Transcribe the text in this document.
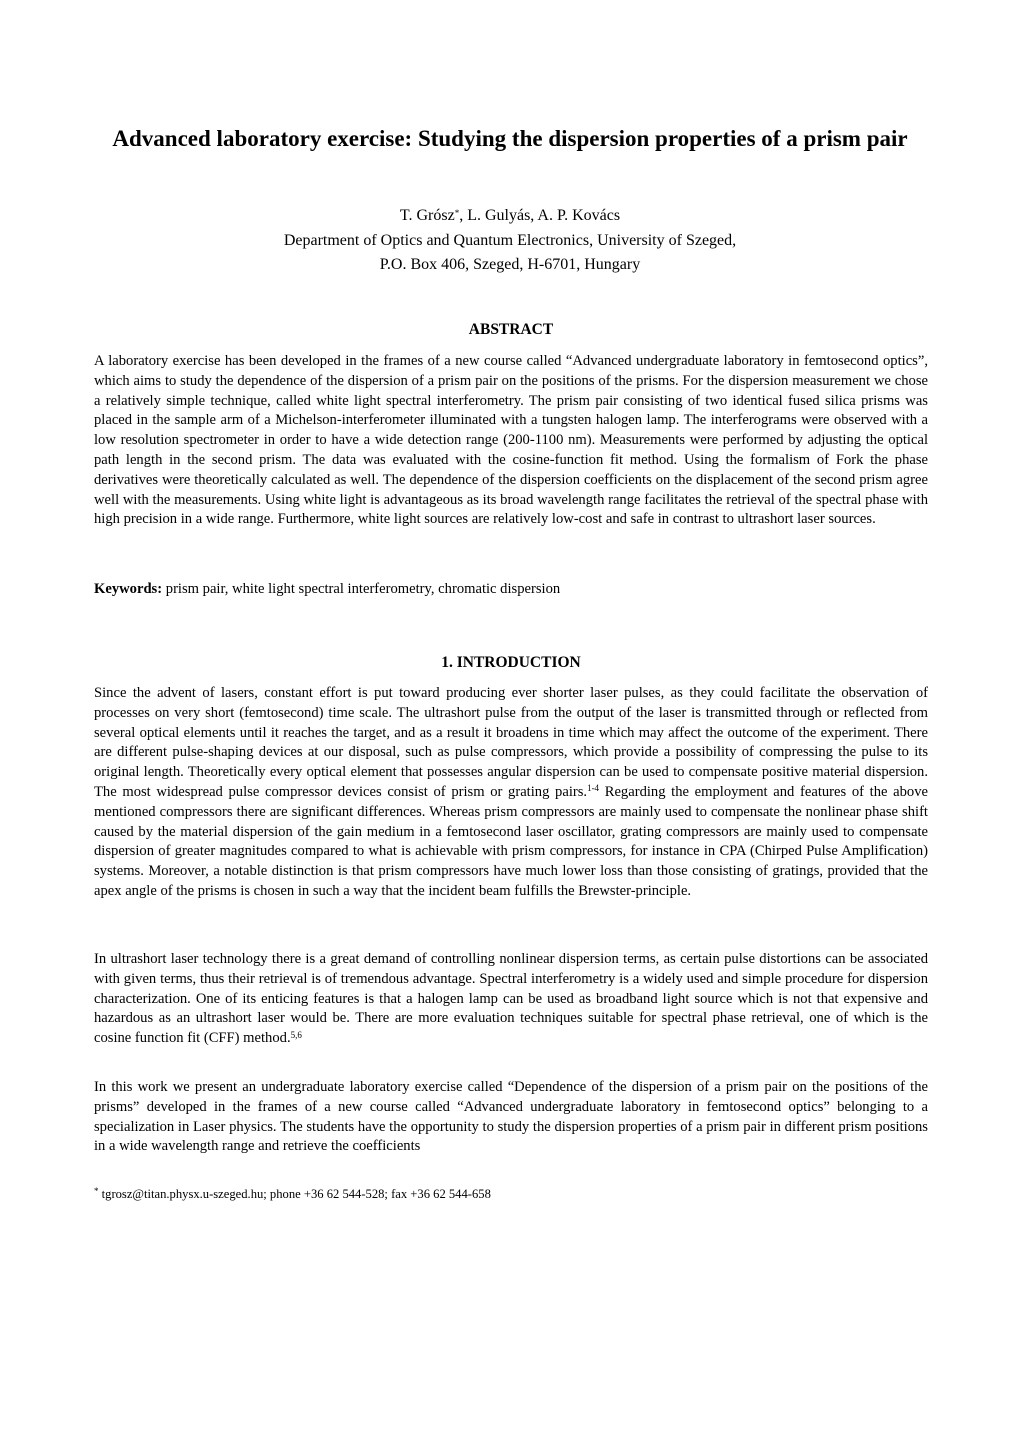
Advanced laboratory exercise: Studying the dispersion properties of a prism pair
T. Grósz*, L. Gulyás, A. P. Kovács
Department of Optics and Quantum Electronics, University of Szeged,
P.O. Box 406, Szeged, H-6701, Hungary
ABSTRACT

A laboratory exercise has been developed in the frames of a new course called “Advanced undergraduate laboratory in femtosecond optics”, which aims to study the dependence of the dispersion of a prism pair on the positions of the prisms. For the dispersion measurement we chose a relatively simple technique, called white light spectral interferometry. The prism pair consisting of two identical fused silica prisms was placed in the sample arm of a Michelson-interferometer illuminated with a tungsten halogen lamp. The interferograms were observed with a low resolution spectrometer in order to have a wide detection range (200-1100 nm). Measurements were performed by adjusting the optical path length in the second prism. The data was evaluated with the cosine-function fit method. Using the formalism of Fork the phase derivatives were theoretically calculated as well. The dependence of the dispersion coefficients on the displacement of the second prism agree well with the measurements. Using white light is advantageous as its broad wavelength range facilitates the retrieval of the spectral phase with high precision in a wide range. Furthermore, white light sources are relatively low-cost and safe in contrast to ultrashort laser sources.

Keywords: prism pair, white light spectral interferometry, chromatic dispersion

1. INTRODUCTION

Since the advent of lasers, constant effort is put toward producing ever shorter laser pulses, as they could facilitate the observation of processes on very short (femtosecond) time scale. The ultrashort pulse from the output of the laser is transmitted through or reflected from several optical elements until it reaches the target, and as a result it broadens in time which may affect the outcome of the experiment. There are different pulse-shaping devices at our disposal, such as pulse compressors, which provide a possibility of compressing the pulse to its original length. Theoretically every optical element that possesses angular dispersion can be used to compensate positive material dispersion. The most widespread pulse compressor devices consist of prism or grating pairs.$^{1-4}$ Regarding the employment and features of the above mentioned compressors there are significant differences. Whereas prism compressors are mainly used to compensate the nonlinear phase shift caused by the material dispersion of the gain medium in a femtosecond laser oscillator, grating compressors are mainly used to compensate dispersion of greater magnitudes compared to what is achievable with prism compressors, for instance in CPA (Chirped Pulse Amplification) systems. Moreover, a notable distinction is that prism compressors have much lower loss than those consisting of gratings, provided that the apex angle of the prisms is chosen in such a way that the incident beam fulfills the Brewster-principle.

In ultrashort laser technology there is a great demand of controlling nonlinear dispersion terms, as certain pulse distortions can be associated with given terms, thus their retrieval is of tremendous advantage. Spectral interferometry is a widely used and simple procedure for dispersion characterization. One of its enticing features is that a halogen lamp can be used as broadband light source which is not that expensive and hazardous as an ultrashort laser would be. There are more evaluation techniques suitable for spectral phase retrieval, one of which is the cosine function fit (CFF) method.$^{5,6}$

In this work we present an undergraduate laboratory exercise called “Dependence of the dispersion of a prism pair on the positions of the prisms” developed in the frames of a new course called “Advanced undergraduate laboratory in femtosecond optics” belonging to a specialization in Laser physics. The students have the opportunity to study the dispersion properties of a prism pair in different prism positions in a wide wavelength range and retrieve the coefficients

* tgrosz@titan.physx.u-szeged.hu; phone +36 62 544-528; fax +36 62 544-658
